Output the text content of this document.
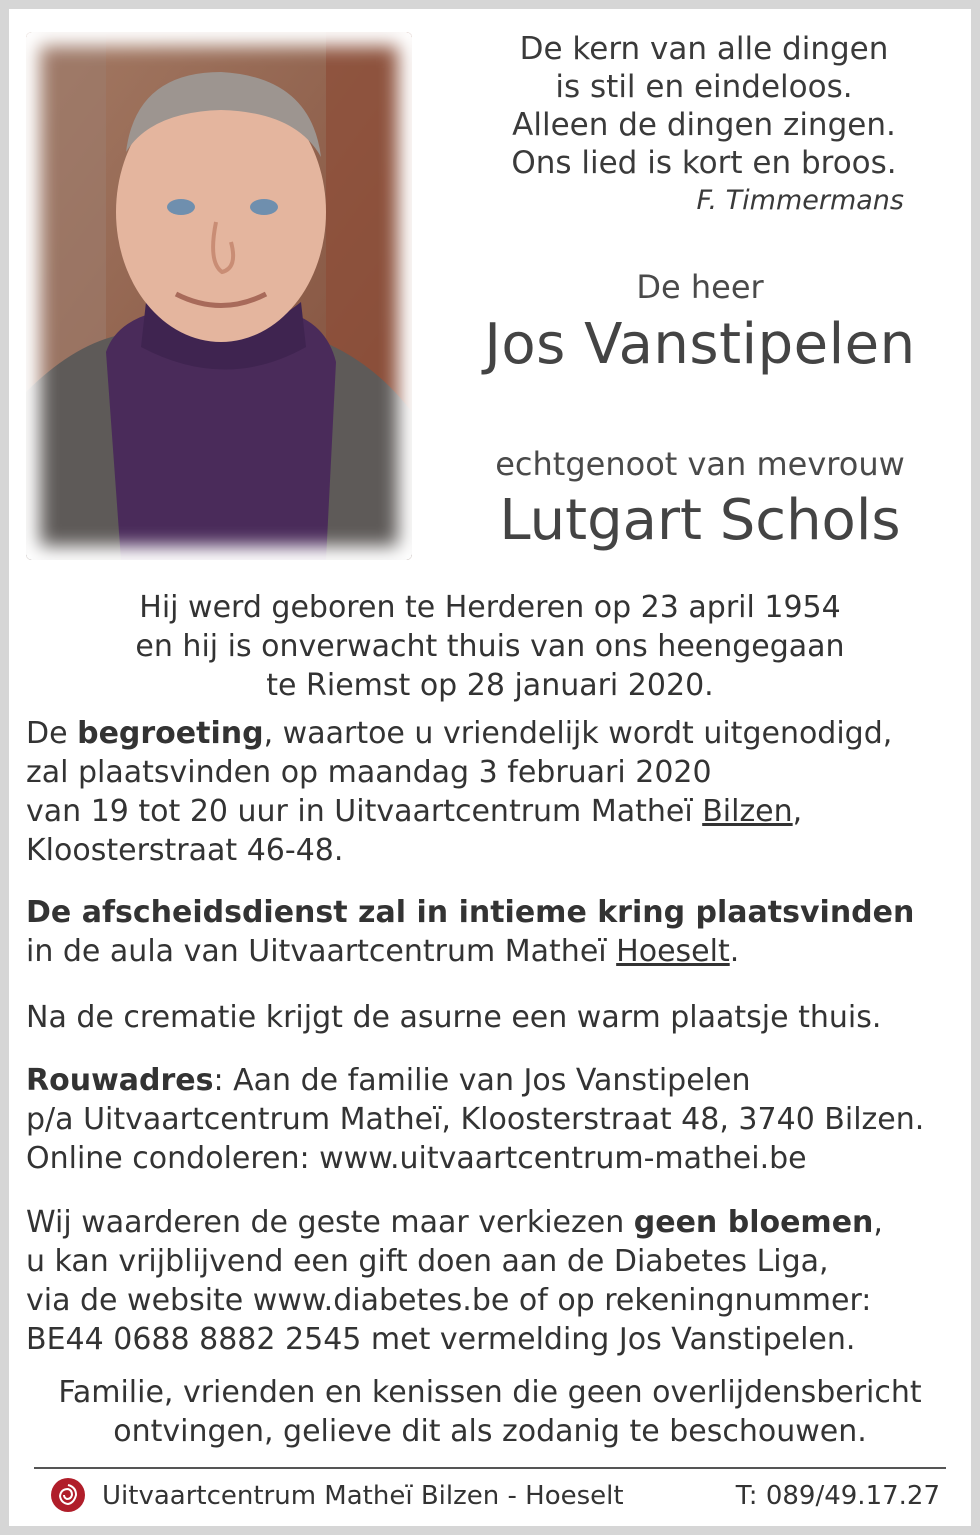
De kern van alle dingen
is stil en eindeloos.
Alleen de dingen zingen.
Ons lied is kort en broos.
F. Timmermans
De heer
Jos Vanstipelen
echtgenoot van mevrouw
Lutgart Schols
Hij werd geboren te Herderen op 23 april 1954
en hij is onverwacht thuis van ons heengegaan
te Riemst op 28 januari 2020.
De begroeting, waartoe u vriendelijk wordt uitgenodigd,
zal plaatsvinden op maandag 3 februari 2020
van 19 tot 20 uur in Uitvaartcentrum Matheï Bilzen,
Kloosterstraat 46-48.
De afscheidsdienst zal in intieme kring plaatsvinden
in de aula van Uitvaartcentrum Matheï Hoeselt.
Na de crematie krijgt de asurne een warm plaatsje thuis.
Rouwadres: Aan de familie van Jos Vanstipelen
p/a Uitvaartcentrum Matheï, Kloosterstraat 48, 3740 Bilzen.
Online condoleren: www.uitvaartcentrum-mathei.be
Wij waarderen de geste maar verkiezen geen bloemen,
u kan vrijblijvend een gift doen aan de Diabetes Liga,
via de website www.diabetes.be of op rekeningnummer:
BE44 0688 8882 2545 met vermelding Jos Vanstipelen.
Familie, vrienden en kenissen die geen overlijdensbericht
ontvingen, gelieve dit als zodanig te beschouwen.
Uitvaartcentrum Matheï Bilzen - Hoeselt	T: 089/49.17.27
